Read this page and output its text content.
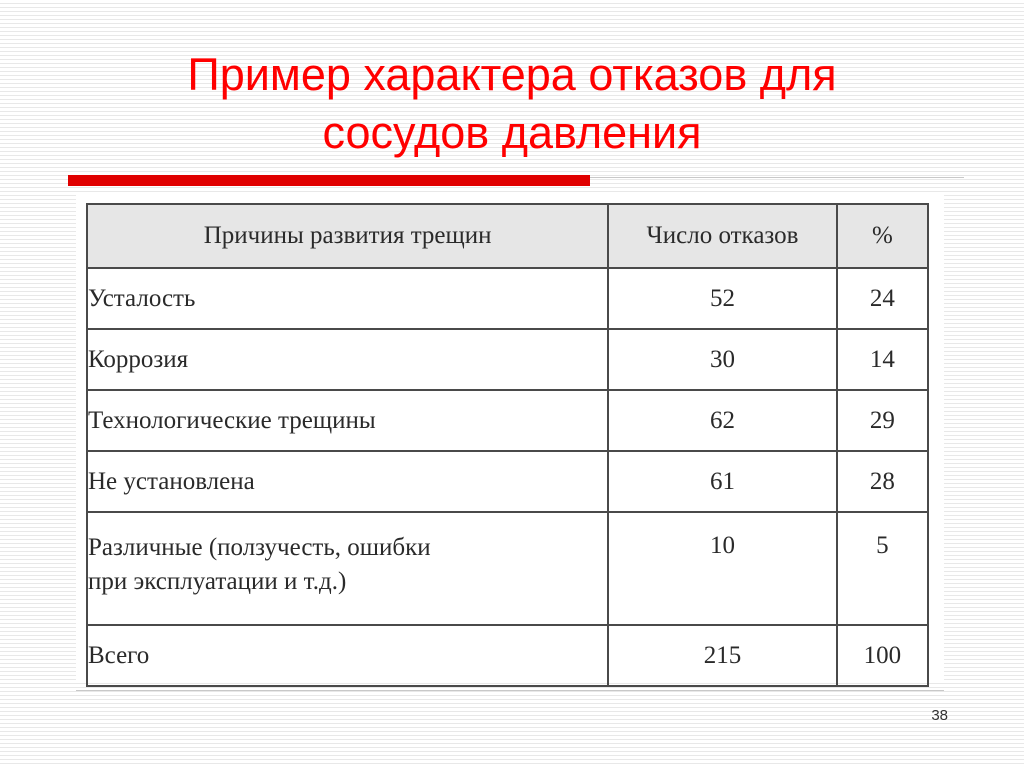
Пример характера отказов для
сосудов давления
Причины развития трещин	Число отказов	%
Усталость	52	24
Коррозия	30	14
Технологические трещины	62	29
Не установлена	61	28

Различные (ползучесть, ошибки
при эксплуатации и т.д.)	10	5
Всего	215	100
38
